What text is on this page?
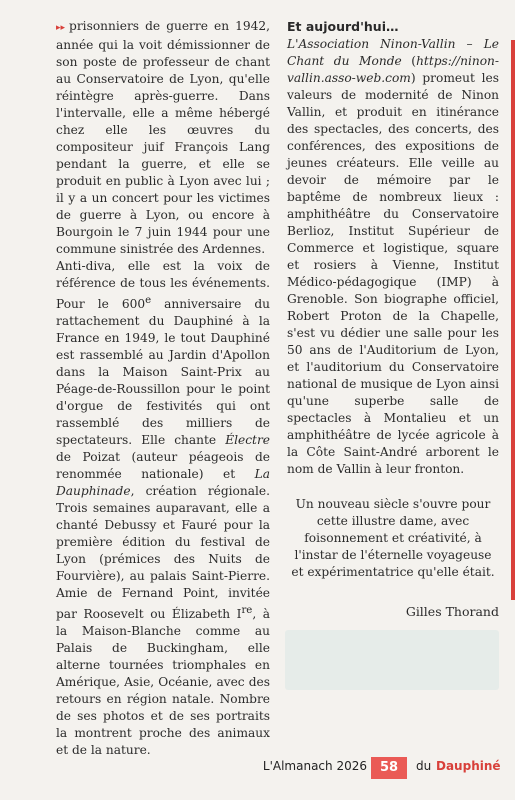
▸▸ prisonniers de guerre en 1942, année qui la voit démissionner de son poste de professeur de chant au Conservatoire de Lyon, qu'elle réintègre après-guerre. Dans l'intervalle, elle a même hébergé chez elle les œuvres du compositeur juif François Lang pendant la guerre, et elle se produit en public à Lyon avec lui ; il y a un concert pour les victimes de guerre à Lyon, ou encore à Bourgoin le 7 juin 1944 pour une commune sinistrée des Ardennes.

Anti-diva, elle est la voix de référence de tous les événements. Pour le 600e anniversaire du rattachement du Dauphiné à la France en 1949, le tout Dauphiné est rassemblé au Jardin d'Apollon dans la Maison Saint-Prix au Péage-de-Roussillon pour le point d'orgue de festivités qui ont rassemblé des milliers de spectateurs. Elle chante Électre de Poizat (auteur péageois de renommée nationale) et La Dauphinade, création régionale. Trois semaines auparavant, elle a chanté Debussy et Fauré pour la première édition du festival de Lyon (prémices des Nuits de Fourvière), au palais Saint-Pierre. Amie de Fernand Point, invitée par Roosevelt ou Élizabeth Ire, à la Maison-Blanche comme au Palais de Buckingham, elle alterne tournées triomphales en Amérique, Asie, Océanie, avec des retours en région natale. Nombre de ses photos et de ses portraits la montrent proche des animaux et de la nature.

Et aujourd'hui…

L'Association Ninon-Vallin – Le Chant du Monde (https://ninon-vallin.asso-web.com) promeut les valeurs de modernité de Ninon Vallin, et produit en itinérance des spectacles, des concerts, des conférences, des expositions de jeunes créateurs. Elle veille au devoir de mémoire par le baptême de nombreux lieux : amphithéâtre du Conservatoire Berlioz, Institut Supérieur de Commerce et logistique, square et rosiers à Vienne, Institut Médico-pédagogique (IMP) à Grenoble. Son biographe officiel, Robert Proton de la Chapelle, s'est vu dédier une salle pour les 50 ans de l'Auditorium de Lyon, et l'auditorium du Conservatoire national de musique de Lyon ainsi qu'une superbe salle de spectacles à Montalieu et un amphithéâtre de lycée agricole à la Côte Saint-André arborent le nom de Vallin à leur fronton.

Un nouveau siècle s'ouvre pour cette illustre dame, avec foisonnement et créativité, à l'instar de l'éternelle voyageuse et expérimentatrice qu'elle était.

Gilles Thorand
L'Almanach 2026 58	du Dauphiné
